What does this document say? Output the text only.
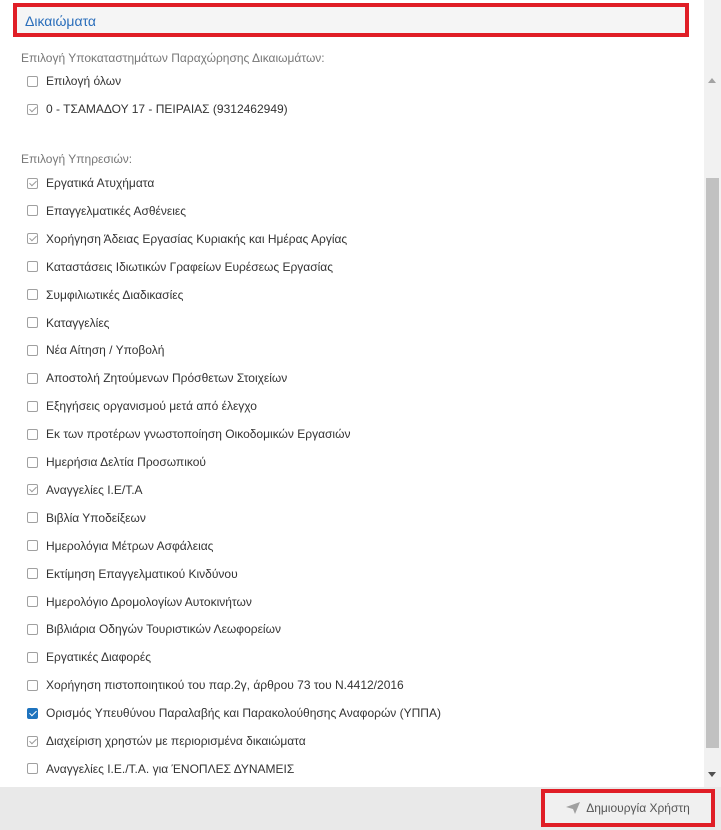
Δικαιώματα
Επιλογή Υποκαταστημάτων Παραχώρησης Δικαιωμάτων:
Επιλογή όλων
0 - ΤΣΑΜΑΔΟΥ 17 - ΠΕΙΡΑΙΑΣ (9312462949)
Επιλογή Υπηρεσιών:
Εργατικά Ατυχήματα
Επαγγελματικές Ασθένειες
Χορήγηση Άδειας Εργασίας Κυριακής και Ημέρας Αργίας
Καταστάσεις Ιδιωτικών Γραφείων Ευρέσεως Εργασίας
Συμφιλιωτικές Διαδικασίες
Καταγγελίες
Νέα Αίτηση / Υποβολή
Αποστολή Ζητούμενων Πρόσθετων Στοιχείων
Εξηγήσεις οργανισμού μετά από έλεγχο
Εκ των προτέρων γνωστοποίηση Οικοδομικών Εργασιών
Ημερήσια Δελτία Προσωπικού
Αναγγελίες Ι.Ε/Τ.Α
Βιβλία Υποδείξεων
Ημερολόγια Μέτρων Ασφάλειας
Εκτίμηση Επαγγελματικού Κινδύνου
Ημερολόγιο Δρομολογίων Αυτοκινήτων
Βιβλιάρια Οδηγών Τουριστικών Λεωφορείων
Εργατικές Διαφορές
Χορήγηση πιστοποιητικού του παρ.2γ, άρθρου 73 του Ν.4412/2016
Ορισμός Υπευθύνου Παραλαβής και Παρακολούθησης Αναφορών (ΥΠΠΑ)
Διαχείριση χρηστών με περιορισμένα δικαιώματα
Αναγγελίες Ι.Ε./Τ.Α. για ΈΝΟΠΛΕΣ ΔΥΝΑΜΕΙΣ
Δημιουργία Χρήστη
